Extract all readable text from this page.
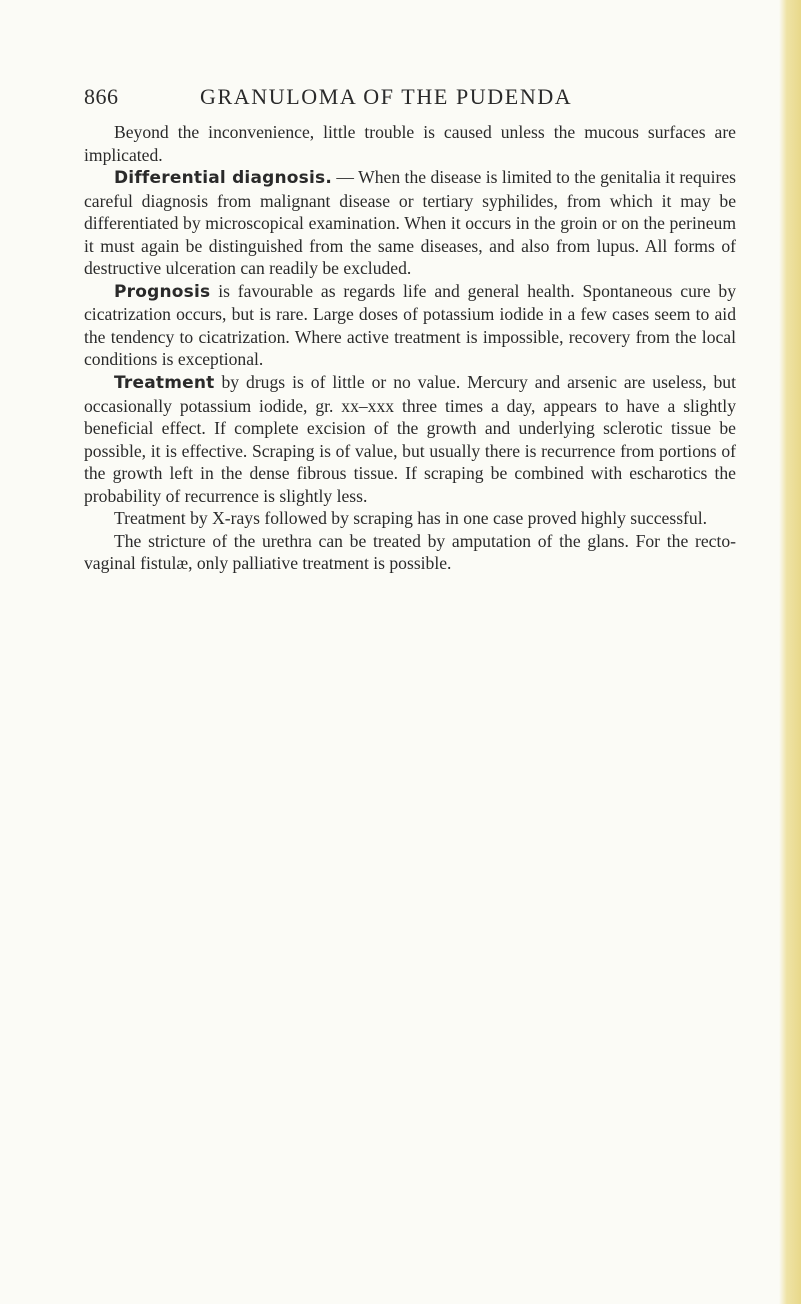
866	GRANULOMA OF THE PUDENDA

Beyond the inconvenience, little trouble is caused unless the mucous surfaces are implicated.

Differential diagnosis. — When the disease is limited to the genitalia it requires careful diagnosis from malignant disease or tertiary syphilides, from which it may be differentiated by microscopical examination. When it occurs in the groin or on the perineum it must again be distinguished from the same diseases, and also from lupus. All forms of destructive ulceration can readily be excluded.

Prognosis is favourable as regards life and general health. Spontaneous cure by cicatrization occurs, but is rare. Large doses of potassium iodide in a few cases seem to aid the tendency to cicatrization. Where active treatment is impossible, recovery from the local conditions is exceptional.

Treatment by drugs is of little or no value. Mercury and arsenic are useless, but occasionally potassium iodide, gr. xx–xxx three times a day, appears to have a slightly beneficial effect. If complete excision of the growth and underlying sclerotic tissue be possible, it is effective. Scraping is of value, but usually there is recurrence from portions of the growth left in the dense fibrous tissue. If scraping be combined with escharotics the probability of recurrence is slightly less.

Treatment by X-rays followed by scraping has in one case proved highly successful.

The stricture of the urethra can be treated by amputation of the glans. For the recto-vaginal fistulæ, only palliative treatment is possible.
